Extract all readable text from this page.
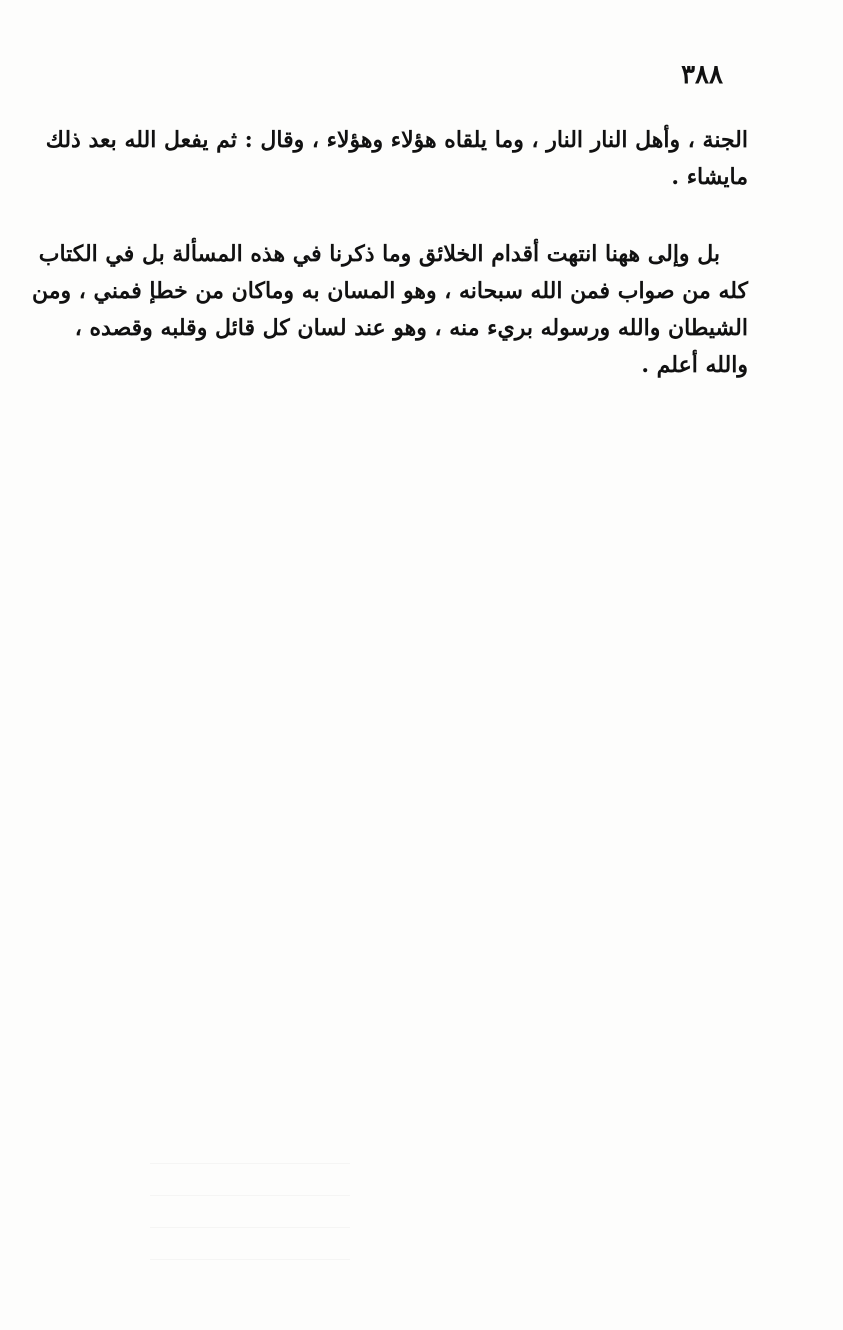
٣٨٨
الجنة ، وأهل النار النار ، وما يلقاه هؤلاء وهؤلاء ، وقال : ثم يفعل الله بعد ذلك
مايشاء .
بل وإلى ههنا انتهت أقدام الخلائق وما ذكرنا في هذه المسألة بل في الكتاب
كله من صواب فمن الله سبحانه ، وهو المسان به وماكان من خطإ فمني ، ومن
الشيطان والله ورسوله بريء منه ، وهو عند لسان كل قائل وقلبه وقصده ،
والله أعلم .
